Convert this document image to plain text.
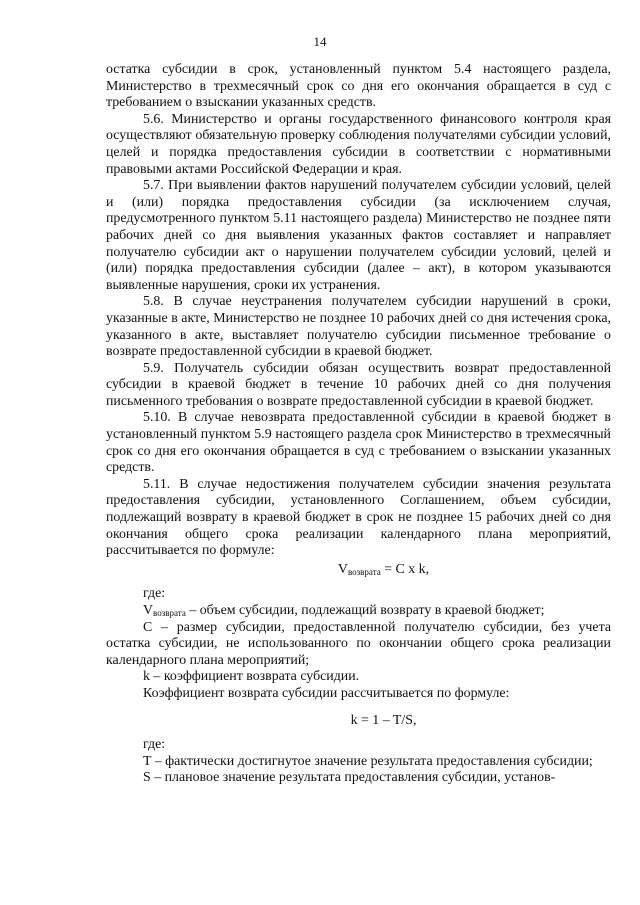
14

остатка субсидии в срок, установленный пунктом 5.4 настоящего раздела, Министерство в трехмесячный срок со дня его окончания обращается в суд с требованием о взыскании указанных средств.

5.6. Министерство и органы государственного финансового контроля края осуществляют обязательную проверку соблюдения получателями субсидии условий, целей и порядка предоставления субсидии в соответствии с нормативными правовыми актами Российской Федерации и края.

5.7. При выявлении фактов нарушений получателем субсидии условий, целей и (или) порядка предоставления субсидии (за исключением случая, предусмотренного пунктом 5.11 настоящего раздела) Министерство не позднее пяти рабочих дней со дня выявления указанных фактов составляет и направляет получателю субсидии акт о нарушении получателем субсидии условий, целей и (или) порядка предоставления субсидии (далее – акт), в котором указываются выявленные нарушения, сроки их устранения.

5.8. В случае неустранения получателем субсидии нарушений в сроки, указанные в акте, Министерство не позднее 10 рабочих дней со дня истечения срока, указанного в акте, выставляет получателю субсидии письменное требование о возврате предоставленной субсидии в краевой бюджет.

5.9. Получатель субсидии обязан осуществить возврат предоставленной субсидии в краевой бюджет в течение 10 рабочих дней со дня получения письменного требования о возврате предоставленной субсидии в краевой бюджет.

5.10. В случае невозврата предоставленной субсидии в краевой бюджет в установленный пунктом 5.9 настоящего раздела срок Министерство в трехмесячный срок со дня его окончания обращается в суд с требованием о взыскании указанных средств.

5.11. В случае недостижения получателем субсидии значения результата предоставления субсидии, установленного Соглашением, объем субсидии, подлежащий возврату в краевой бюджет в срок не позднее 15 рабочих дней со дня окончания общего срока реализации календарного плана мероприятий, рассчитывается по формуле:

$V_{возврата} = C$ x k,

где:

$V_{возврата}$ – объем субсидии, подлежащий возврату в краевой бюджет;

C – размер субсидии, предоставленной получателю субсидии, без учета остатка субсидии, не использованного по окончании общего срока реализации календарного плана мероприятий;

k – коэффициент возврата субсидии.

Коэффициент возврата субсидии рассчитывается по формуле:

k = 1 – T/S,

где:

T – фактически достигнутое значение результата предоставления субсидии;

S – плановое значение результата предоставления субсидии, установ-
